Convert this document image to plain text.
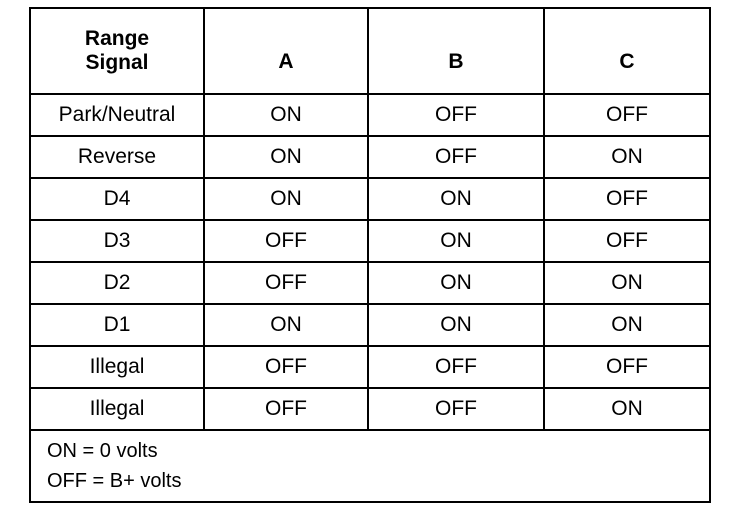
Range
Signal	A	B	C
Park/Neutral	ON	OFF	OFF
Reverse	ON	OFF	ON
D4	ON	ON	OFF
D3	OFF	ON	OFF
D2	OFF	ON	ON
D1	ON	ON	ON
Illegal	OFF	OFF	OFF
Illegal	OFF	OFF	ON

ON = 0 volts
OFF = B+ volts			
